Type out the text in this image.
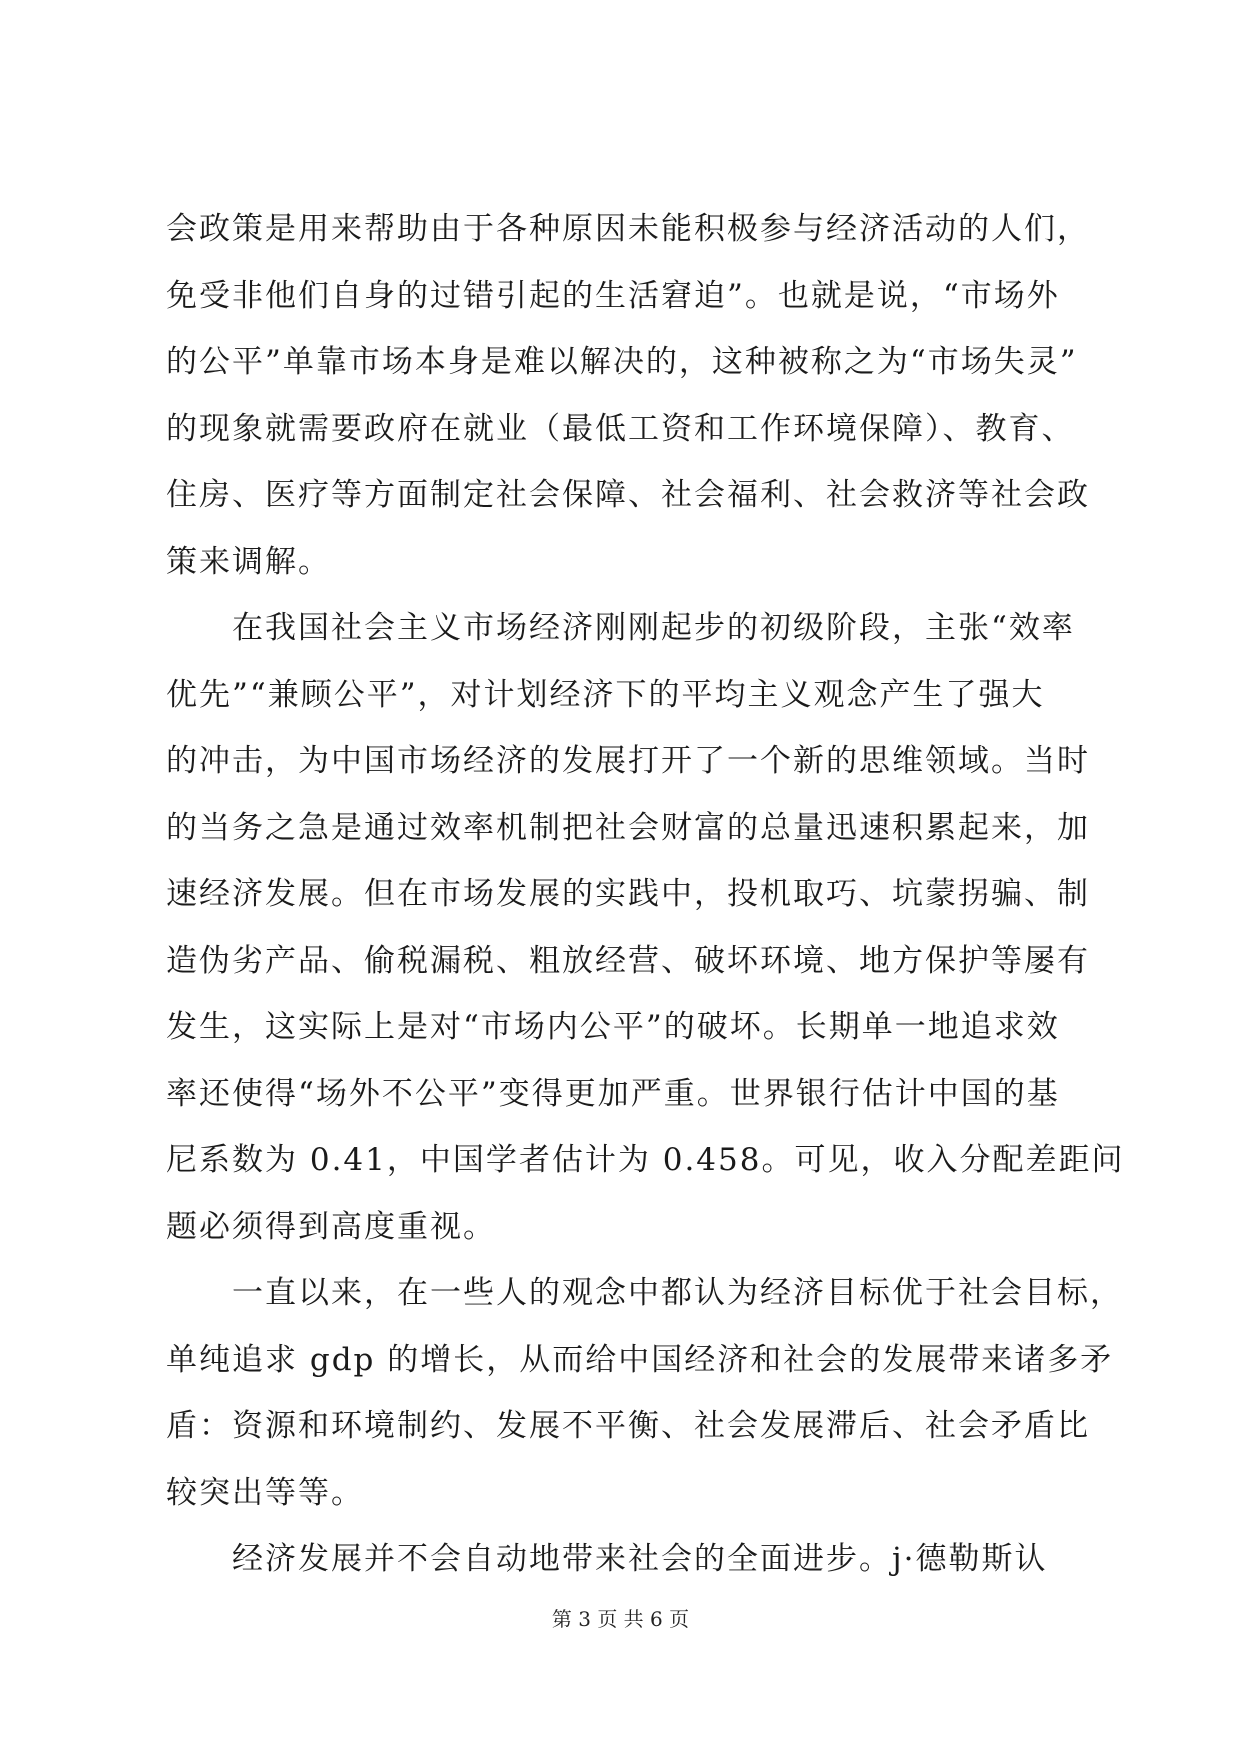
会政策是用来帮助由于各种原因未能积极参与经济活动的人们，
免受非他们自身的过错引起的生活窘迫”。也就是说，“市场外
的公平”单靠市场本身是难以解决的，这种被称之为“市场失灵”
的现象就需要政府在就业（最低工资和工作环境保障）、教育、
住房、医疗等方面制定社会保障、社会福利、社会救济等社会政
策来调解。
　　在我国社会主义市场经济刚刚起步的初级阶段，主张“效率
优先”“兼顾公平”，对计划经济下的平均主义观念产生了强大
的冲击，为中国市场经济的发展打开了一个新的思维领域。当时
的当务之急是通过效率机制把社会财富的总量迅速积累起来，加
速经济发展。但在市场发展的实践中，投机取巧、坑蒙拐骗、制
造伪劣产品、偷税漏税、粗放经营、破坏环境、地方保护等屡有
发生，这实际上是对“市场内公平”的破坏。长期单一地追求效
率还使得“场外不公平”变得更加严重。世界银行估计中国的基
尼系数为 0.41，中国学者估计为 0.458。可见，收入分配差距问
题必须得到高度重视。
　　一直以来，在一些人的观念中都认为经济目标优于社会目标，
单纯追求 gdp 的增长，从而给中国经济和社会的发展带来诸多矛
盾：资源和环境制约、发展不平衡、社会发展滞后、社会矛盾比
较突出等等。
　　经济发展并不会自动地带来社会的全面进步。j·德勒斯认
第 3 页 共 6 页
